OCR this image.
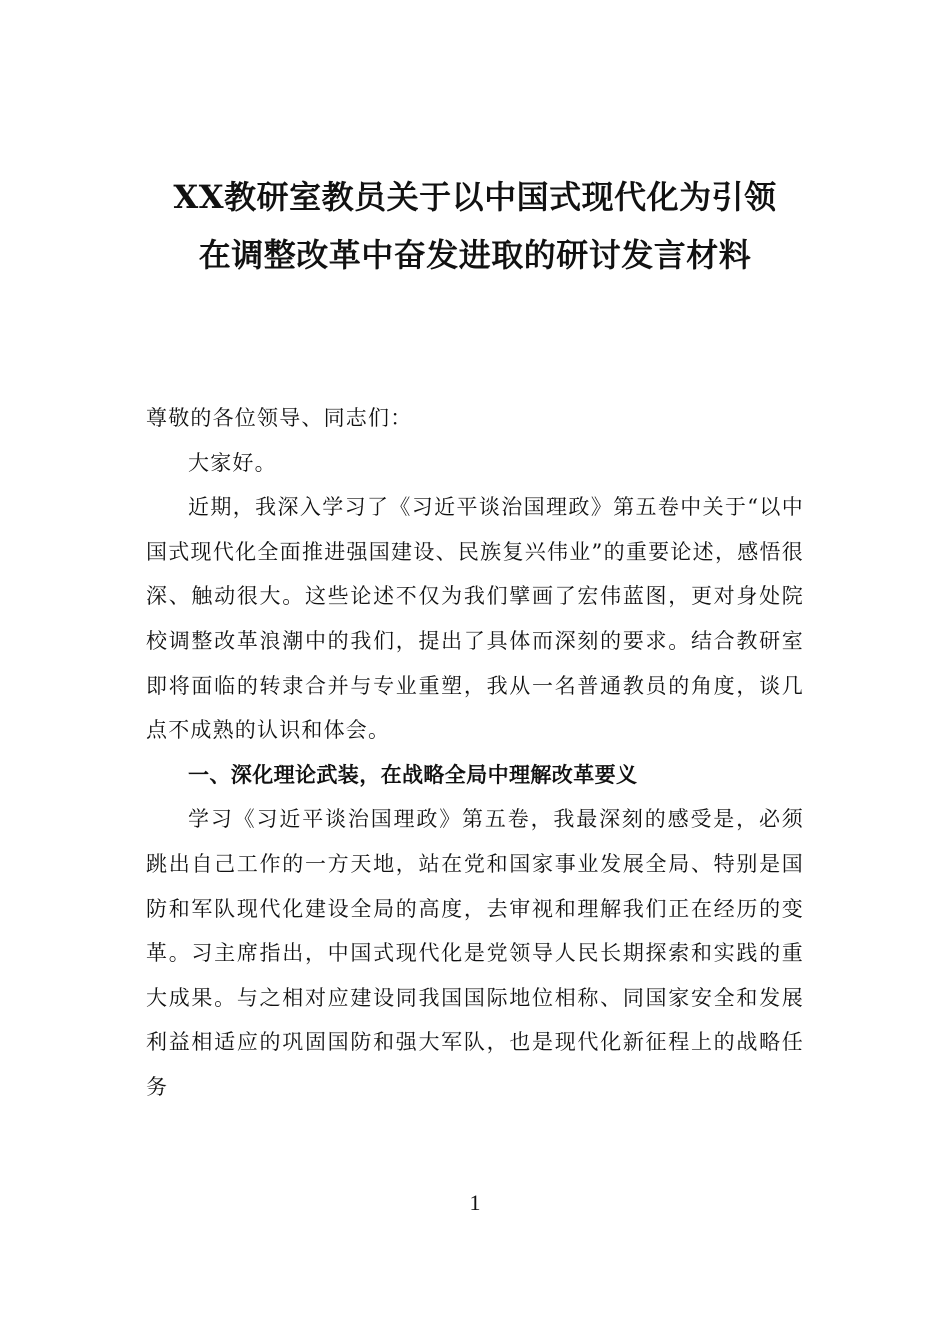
XX教研室教员关于以中国式现代化为引领
在调整改革中奋发进取的研讨发言材料

尊敬的各位领导、同志们：

大家好。

近期，我深入学习了《习近平谈治国理政》第五卷中关于“以中国式现代化全面推进强国建设、民族复兴伟业”的重要论述，感悟很深、触动很大。这些论述不仅为我们擘画了宏伟蓝图，更对身处院校调整改革浪潮中的我们，提出了具体而深刻的要求。结合教研室即将面临的转隶合并与专业重塑，我从一名普通教员的角度，谈几点不成熟的认识和体会。

一、深化理论武装，在战略全局中理解改革要义

学习《习近平谈治国理政》第五卷，我最深刻的感受是，必须跳出自己工作的一方天地，站在党和国家事业发展全局、特别是国防和军队现代化建设全局的高度，去审视和理解我们正在经历的变革。习主席指出，中国式现代化是党领导人民长期探索和实践的重大成果。与之相对应建设同我国国际地位相称、同国家安全和发展利益相适应的巩固国防和强大军队，也是现代化新征程上的战略任务

1
